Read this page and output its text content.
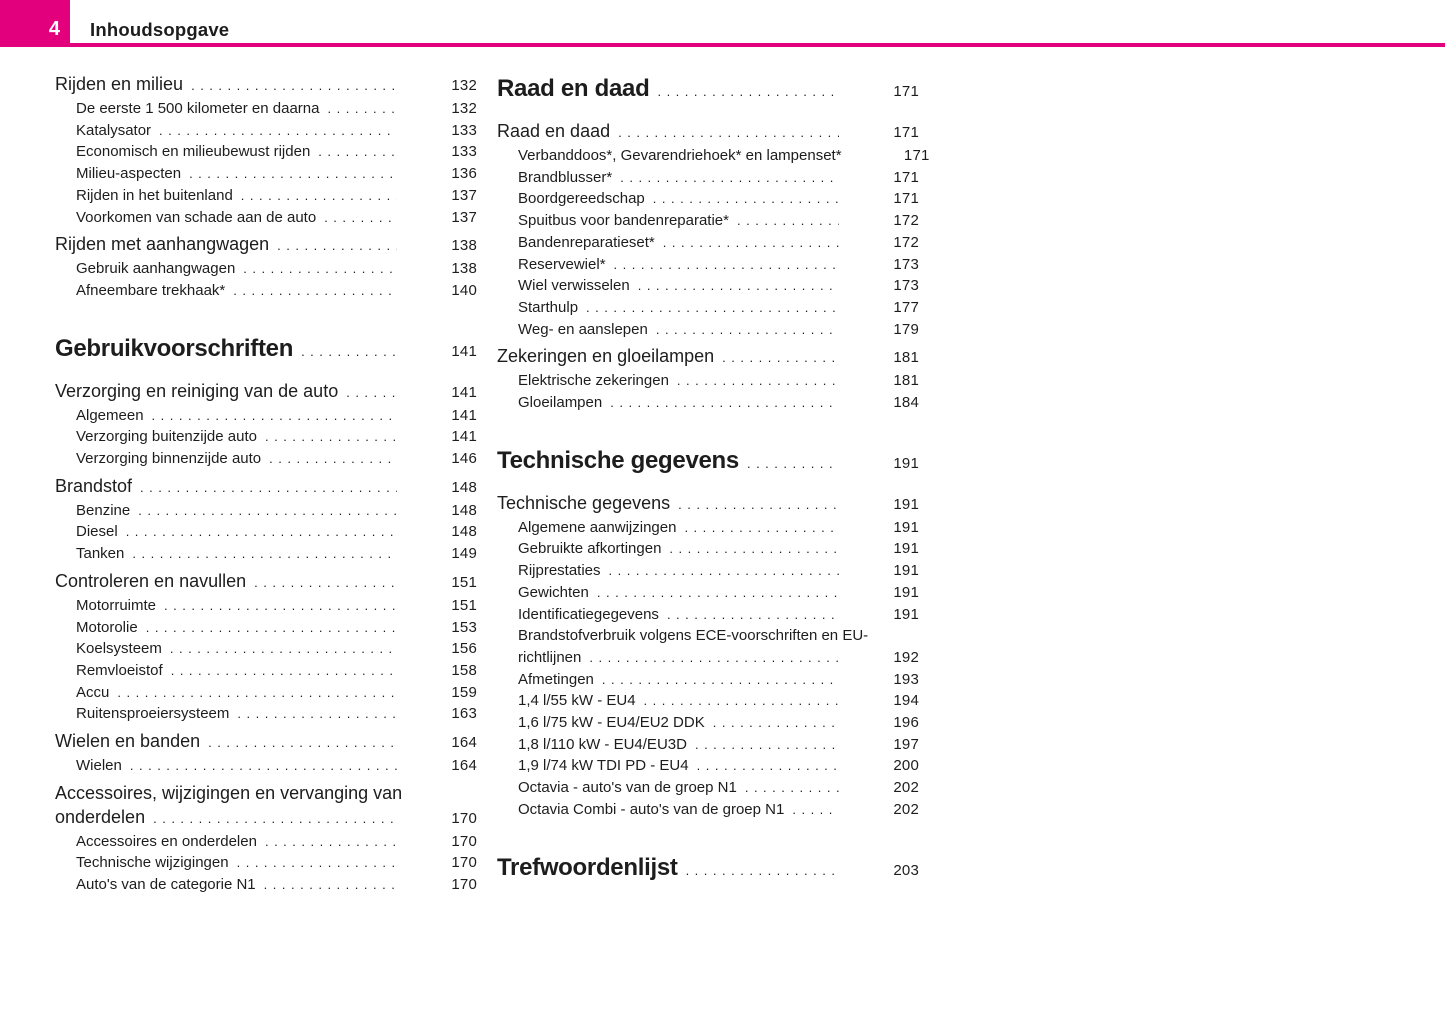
4	Inhoudsopgave
Rijden en milieu .....	132
De eerste 1 500 kilometer en daarna .....	132
Katalysator .....	133
Economisch en milieubewust rijden .....	133
Milieu-aspecten .....	136
Rijden in het buitenland .....	137
Voorkomen van schade aan de auto .....	137
Rijden met aanhangwagen .....	138
Gebruik aanhangwagen .....	138
Afneembare trekhaak* .....	140
Gebruikvoorschriften .....	141
Verzorging en reiniging van de auto .....	141
Algemeen .....	141
Verzorging buitenzijde auto .....	141
Verzorging binnenzijde auto .....	146
Brandstof .....	148
Benzine .....	148
Diesel .....	148
Tanken .....	149
Controleren en navullen .....	151
Motorruimte .....	151
Motorolie .....	153
Koelsysteem .....	156
Remvloeistof .....	158
Accu .....	159
Ruitensproeiersysteem .....	163
Wielen en banden .....	164
Wielen .....	164
Accessoires, wijzigingen en vervanging van
onderdelen .....	170
Accessoires en onderdelen .....	170
Technische wijzigingen .....	170
Auto's van de categorie N1 .....	170
Raad en daad .....	171
Raad en daad .....	171
Verbanddoos*, Gevarendriehoek* en lampenset*	171
Brandblusser* .....	171
Boordgereedschap .....	171
Spuitbus voor bandenreparatie* .....	172
Bandenreparatieset* .....	172
Reservewiel* .....	173
Wiel verwisselen .....	173
Starthulp .....	177
Weg- en aanslepen .....	179
Zekeringen en gloeilampen .....	181
Elektrische zekeringen .....	181
Gloeilampen .....	184
Technische gegevens .....	191
Technische gegevens .....	191
Algemene aanwijzingen .....	191
Gebruikte afkortingen .....	191
Rijprestaties .....	191
Gewichten .....	191
Identificatiegegevens .....	191
Brandstofverbruik volgens ECE-voorschriften en EU-
richtlijnen .....	192
Afmetingen .....	193
1,4 l/55 kW - EU4 .....	194
1,6 l/75 kW - EU4/EU2 DDK .....	196
1,8 l/110 kW - EU4/EU3D .....	197
1,9 l/74 kW TDI PD - EU4 .....	200
Octavia - auto's van de groep N1 .....	202
Octavia Combi - auto's van de groep N1 .....	202
Trefwoordenlijst .....	203
